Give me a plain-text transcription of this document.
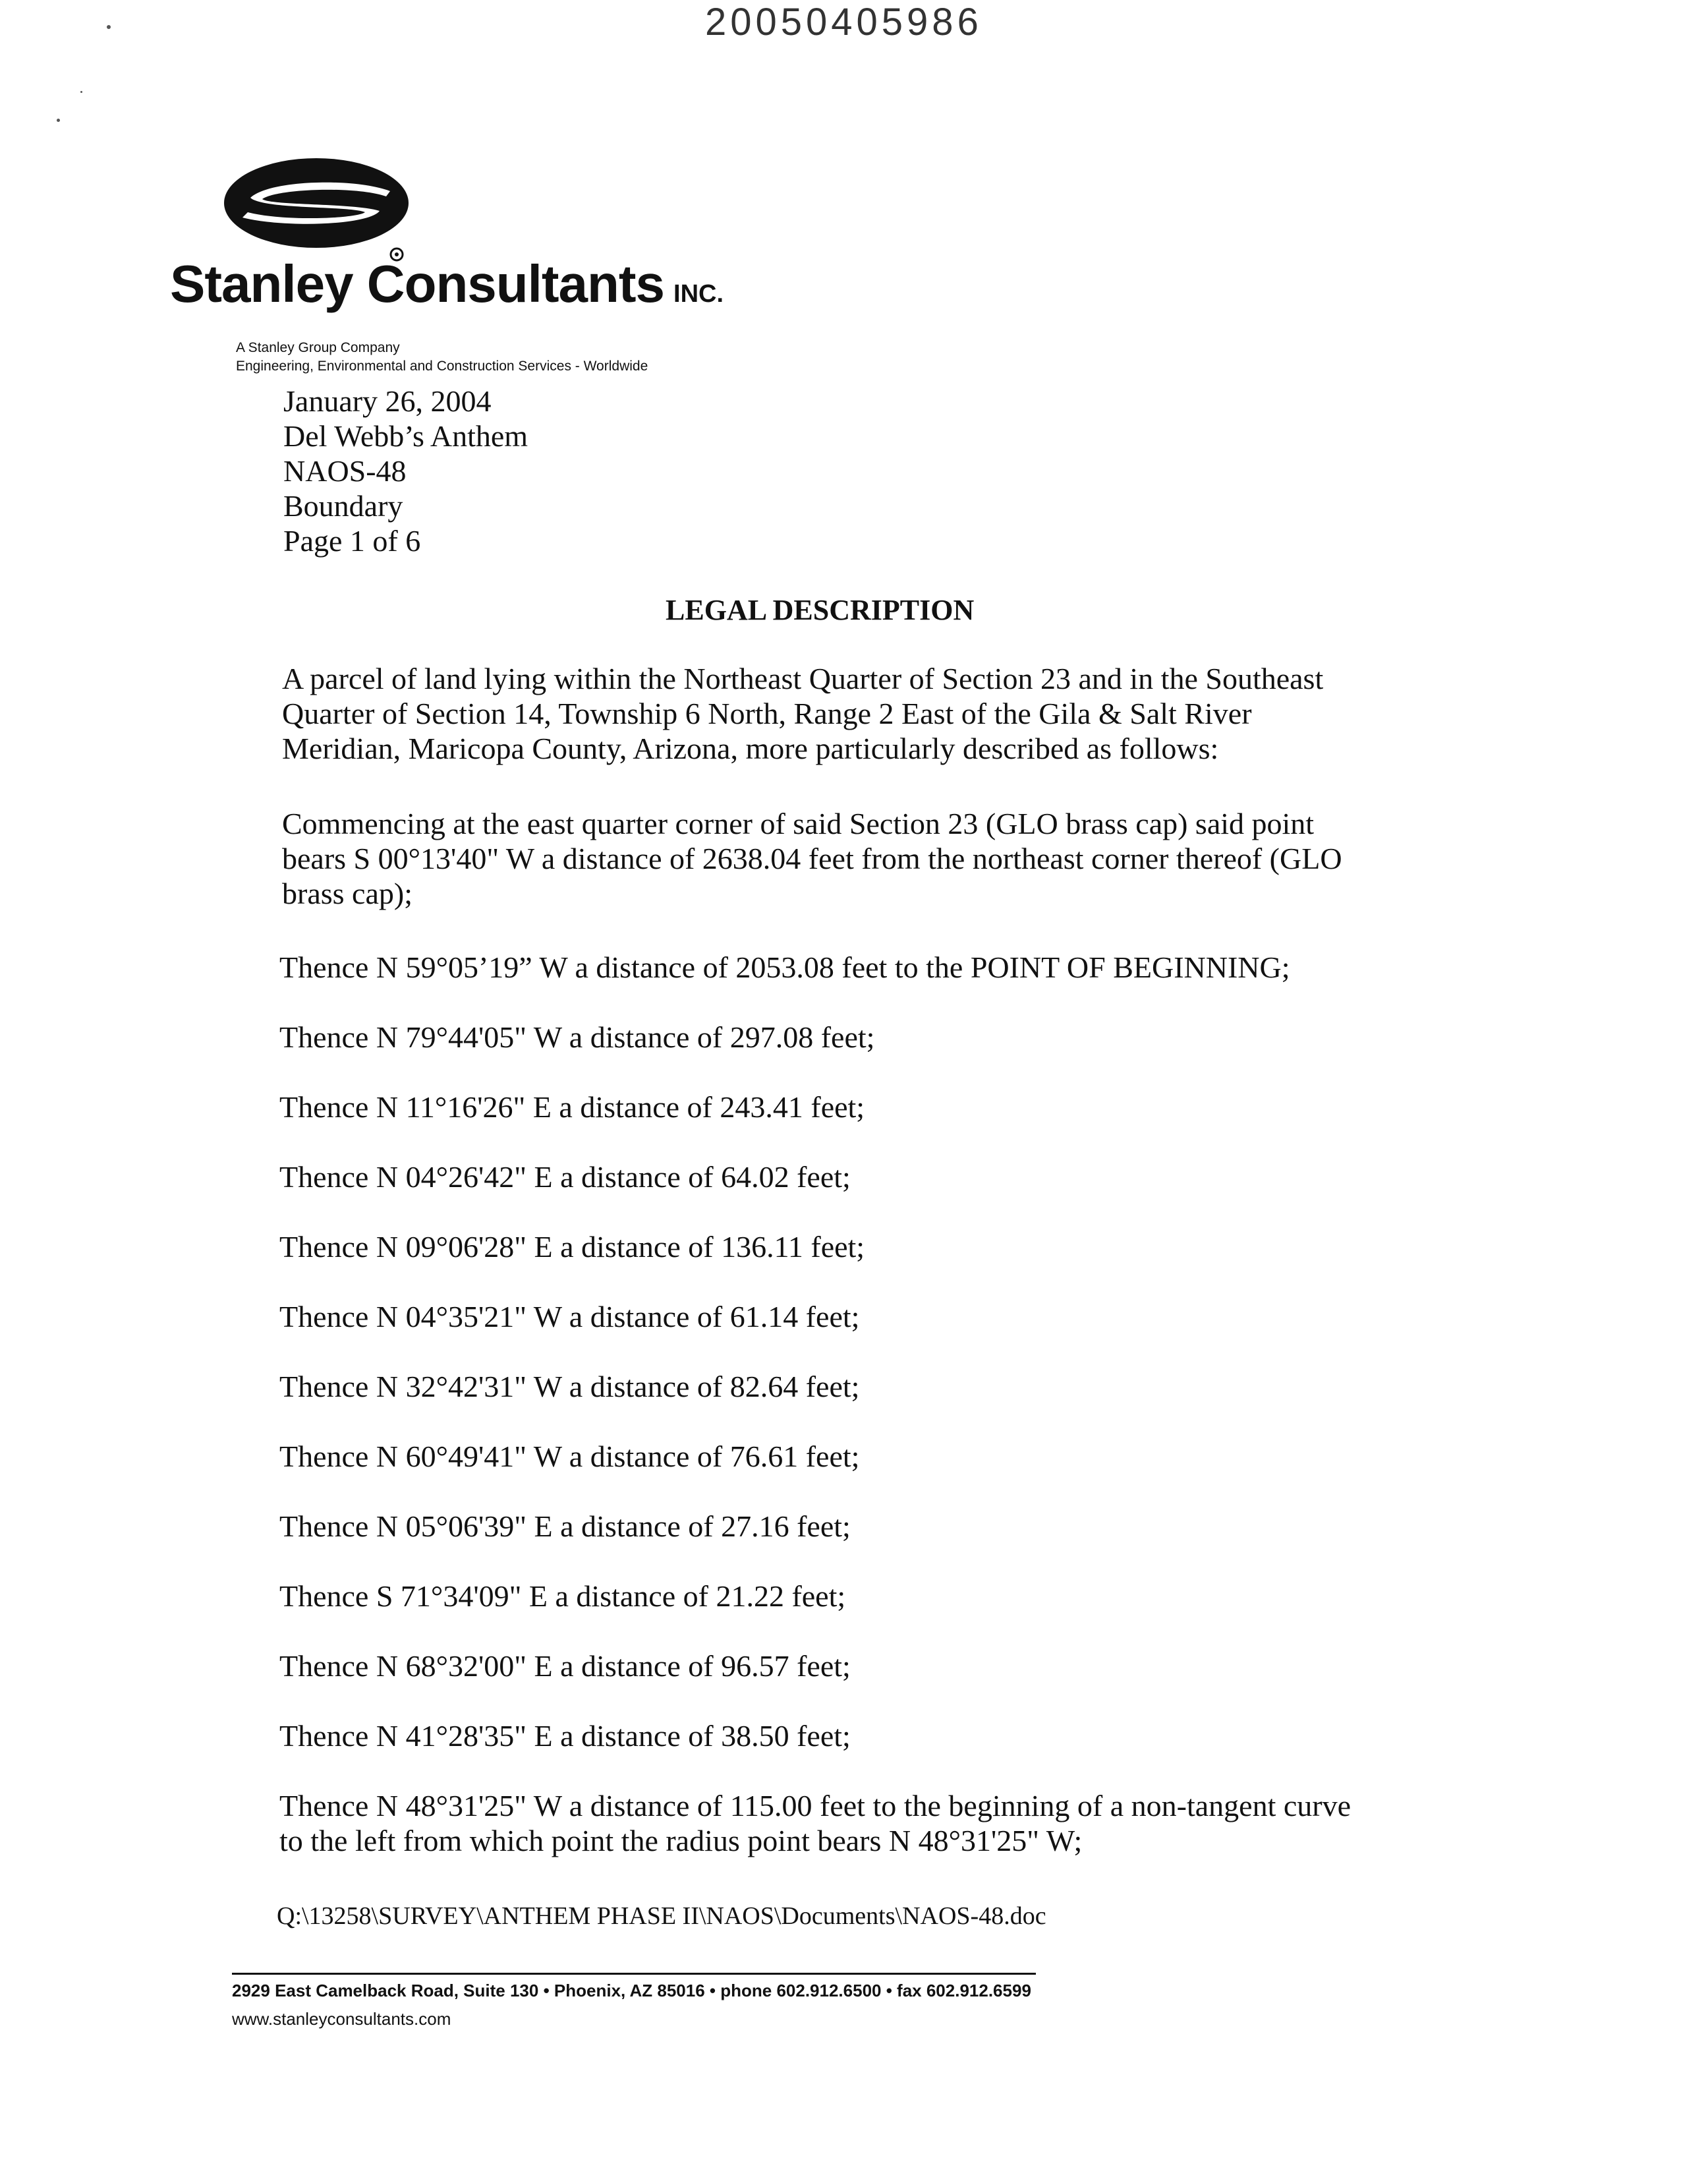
20050405986
Stanley Consultants INC.
A Stanley Group Company
Engineering, Environmental and Construction Services - Worldwide
January 26, 2004
Del Webb’s Anthem
NAOS-48
Boundary
Page 1 of 6
LEGAL DESCRIPTION
A parcel of land lying within the Northeast Quarter of Section 23 and in the Southeast
Quarter of Section 14, Township 6 North, Range 2 East of the Gila & Salt River
Meridian, Maricopa County, Arizona, more particularly described as follows:
Commencing at the east quarter corner of said Section 23 (GLO brass cap) said point
bears S 00°13'40" W a distance of 2638.04 feet from the northeast corner thereof (GLO
brass cap);
Thence N 59°05’19” W a distance of 2053.08 feet to the POINT OF BEGINNING;
Thence N 79°44'05" W a distance of 297.08 feet;
Thence N 11°16'26" E a distance of 243.41 feet;
Thence N 04°26'42" E a distance of 64.02 feet;
Thence N 09°06'28" E a distance of 136.11 feet;
Thence N 04°35'21" W a distance of 61.14 feet;
Thence N 32°42'31" W a distance of 82.64 feet;
Thence N 60°49'41" W a distance of 76.61 feet;
Thence N 05°06'39" E a distance of 27.16 feet;
Thence S 71°34'09" E a distance of 21.22 feet;
Thence N 68°32'00" E a distance of 96.57 feet;
Thence N 41°28'35" E a distance of 38.50 feet;
Thence N 48°31'25" W a distance of 115.00 feet to the beginning of a non-tangent curve
to the left from which point the radius point bears N 48°31'25" W;
Q:\13258\SURVEY\ANTHEM PHASE II\NAOS\Documents\NAOS-48.doc
2929 East Camelback Road, Suite 130 • Phoenix, AZ 85016 • phone 602.912.6500 • fax 602.912.6599
www.stanleyconsultants.com
